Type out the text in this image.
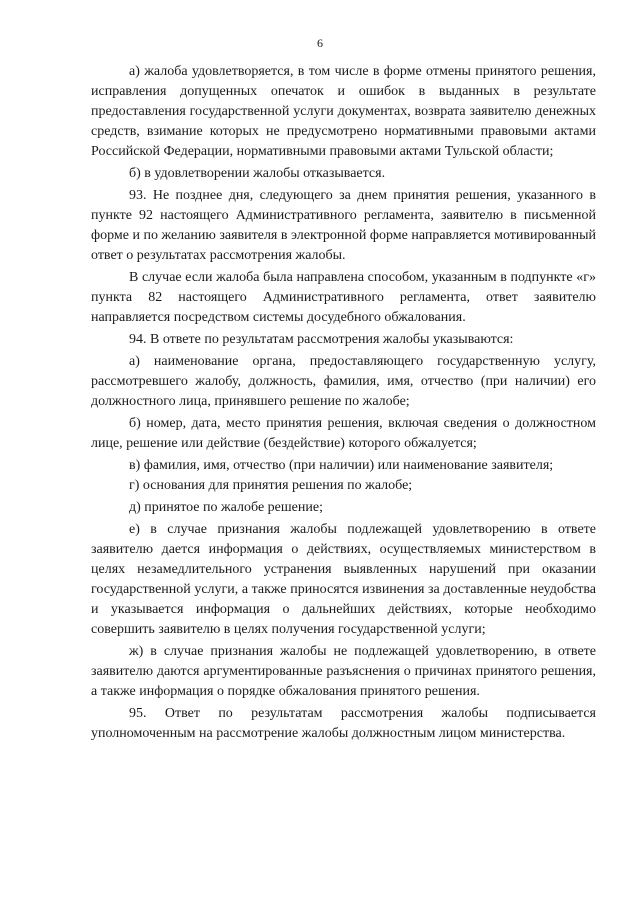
6

а) жалоба удовлетворяется, в том числе в форме отмены принятого решения, исправления допущенных опечаток и ошибок в выданных в результате предоставления государственной услуги документах, возврата заявителю денежных средств, взимание которых не предусмотрено нормативными правовыми актами Российской Федерации, нормативными правовыми актами Тульской области;

б) в удовлетворении жалобы отказывается.

93. Не позднее дня, следующего за днем принятия решения, указанного в пункте 92 настоящего Административного регламента, заявителю в письменной форме и по желанию заявителя в электронной форме направляется мотивированный ответ о результатах рассмотрения жалобы.

В случае если жалоба была направлена способом, указанным в подпункте «г» пункта 82 настоящего Административного регламента, ответ заявителю направляется посредством системы досудебного обжалования.

94. В ответе по результатам рассмотрения жалобы указываются:

а) наименование органа, предоставляющего государственную услугу, рассмотревшего жалобу, должность, фамилия, имя, отчество (при наличии) его должностного лица, принявшего решение по жалобе;

б) номер, дата, место принятия решения, включая сведения о должностном лице, решение или действие (бездействие) которого обжалуется;

в) фамилия, имя, отчество (при наличии) или наименование заявителя;

г) основания для принятия решения по жалобе;

д) принятое по жалобе решение;

е) в случае признания жалобы подлежащей удовлетворению в ответе заявителю дается информация о действиях, осуществляемых министерством в целях незамедлительного устранения выявленных нарушений при оказании государственной услуги, а также приносятся извинения за доставленные неудобства и указывается информация о дальнейших действиях, которые необходимо совершить заявителю в целях получения государственной услуги;

ж) в случае признания жалобы не подлежащей удовлетворению, в ответе заявителю даются аргументированные разъяснения о причинах принятого решения, а также информация о порядке обжалования принятого решения.

95. Ответ по результатам рассмотрения жалобы подписывается уполномоченным на рассмотрение жалобы должностным лицом министерства.
